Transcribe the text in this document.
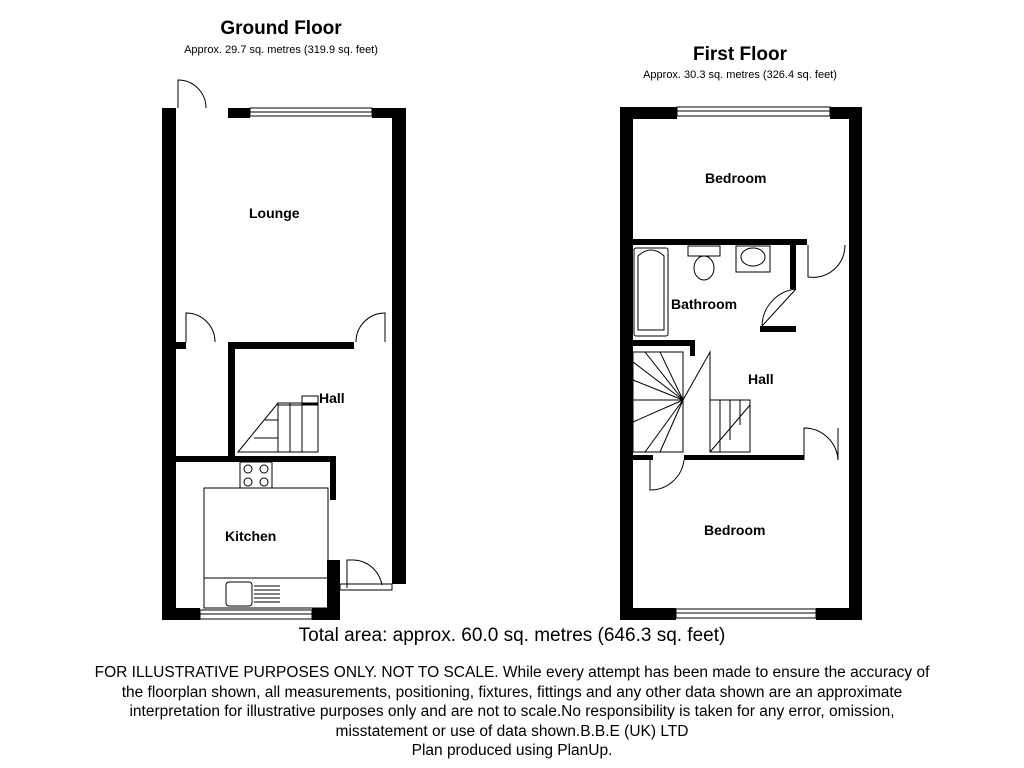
Ground Floor
Approx. 29.7 sq. metres (319.9 sq. feet)	First Floor
Approx. 30.3 sq. metres (326.4 sq. feet)
Lounge
Hall
Kitchen
Bedroom
Bathroom
Hall
Bedroom
Total area: approx. 60.0 sq. metres (646.3 sq. feet)
FOR ILLUSTRATIVE PURPOSES ONLY. NOT TO SCALE. While every attempt has been made to ensure the accuracy of
the floorplan shown, all measurements, positioning, fixtures, fittings and any other data shown are an approximate
interpretation for illustrative purposes only and are not to scale.No responsibility is taken for any error, omission,
misstatement or use of data shown.B.B.E (UK) LTD
Plan produced using PlanUp.
